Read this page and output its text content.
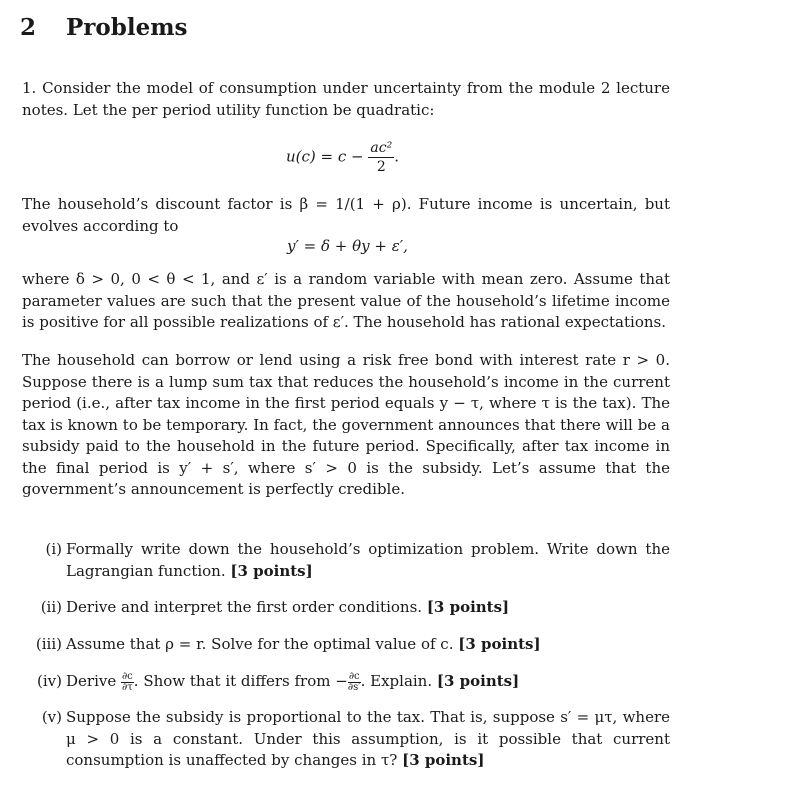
2 Problems
1. Consider the model of consumption under uncertainty from the module 2 lecture notes. Let the per period utility function be quadratic:
$u(c) = c - \frac{\text{ac²}}{2}$ .
The household’s discount factor is β = 1/(1 + ρ). Future income is uncertain, but evolves according to
y′ = δ + θy + ε′,
where δ > 0, 0 < θ < 1, and ε′ is a random variable with mean zero. Assume that parameter values are such that the present value of the household’s lifetime income is positive for all possible realizations of ε′. The household has rational expectations.
The household can borrow or lend using a risk free bond with interest rate r > 0. Suppose there is a lump sum tax that reduces the household’s income in the current period (i.e., after tax income in the first period equals y − τ, where τ is the tax). The tax is known to be temporary. In fact, the government announces that there will be a subsidy paid to the household in the future period. Specifically, after tax income in the final period is y′ + s′, where s′ > 0 is the subsidy. Let’s assume that the government’s announcement is perfectly credible.
(i) Formally write down the household’s optimization problem. Write down the Lagrangian function. [3 points]
(ii) Derive and interpret the first order conditions. [3 points]
(iii) Assume that ρ = r. Solve for the optimal value of c. [3 points]
(iv) Derive $\frac{\partial c}{\partial\tau}$ . Show that it differs from − $\frac{\partial c}{\partial s'}$ . Explain. [3 points]
(v) Suppose the subsidy is proportional to the tax. That is, suppose s′ = μτ, where μ > 0 is a constant. Under this assumption, is it possible that current consumption is unaffected by changes in τ? [3 points]
